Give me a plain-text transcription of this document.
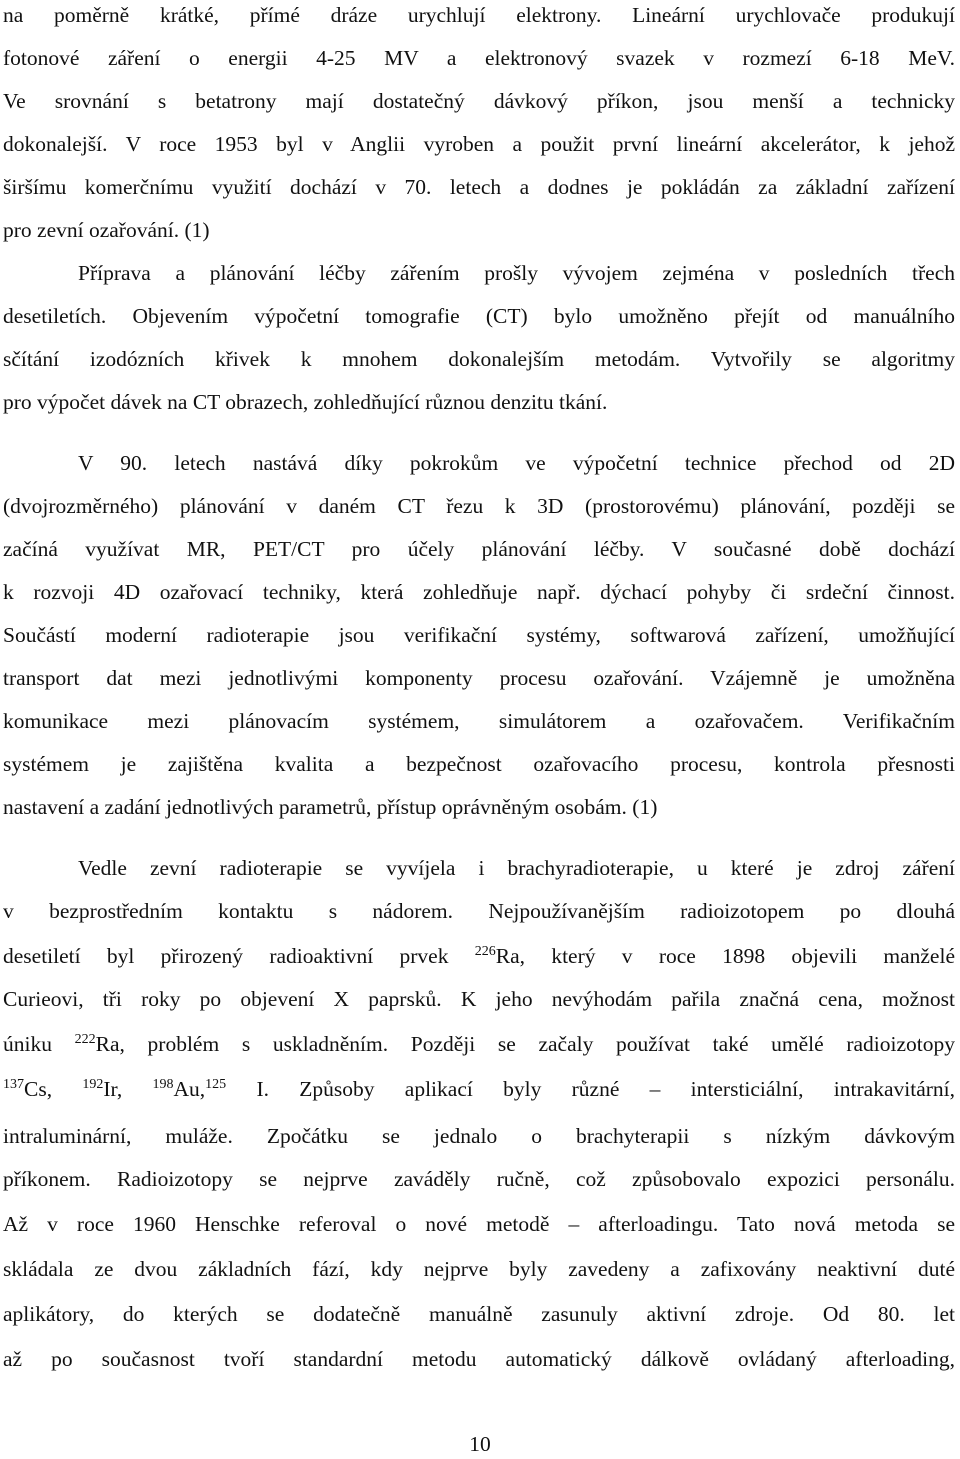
na poměrně krátké, přímé dráze urychlují elektrony. Lineární urychlovače produkují
fotonové záření o energii 4-25 MV a elektronový svazek v rozmezí 6-18 MeV.
Ve srovnání s betatrony mají dostatečný dávkový příkon, jsou menší a technicky
dokonalejší. V roce 1953 byl v Anglii vyroben a použit první lineární akcelerátor, k jehož
širšímu komerčnímu využití dochází v 70. letech a dodnes je pokládán za základní zařízení
pro zevní ozařování. (1)
Příprava a plánování léčby zářením prošly vývojem zejména v posledních třech
desetiletích. Objevením výpočetní tomografie (CT) bylo umožněno přejít od manuálního
sčítání izodózních křivek k mnohem dokonalejším metodám. Vytvořily se algoritmy
pro výpočet dávek na CT obrazech, zohledňující různou denzitu tkání.
V 90. letech nastává díky pokrokům ve výpočetní technice přechod od 2D
(dvojrozměrného) plánování v daném CT řezu k 3D (prostorovému) plánování, později se
začíná využívat MR, PET/CT pro účely plánování léčby. V současné době dochází
k rozvoji 4D ozařovací techniky, která zohledňuje např. dýchací pohyby či srdeční činnost.
Součástí moderní radioterapie jsou verifikační systémy, softwarová zařízení, umožňující
transport dat mezi jednotlivými komponenty procesu ozařování. Vzájemně je umožněna
komunikace mezi plánovacím systémem, simulátorem a ozařovačem. Verifikačním
systémem je zajištěna kvalita a bezpečnost ozařovacího procesu, kontrola přesnosti
nastavení a zadání jednotlivých parametrů, přístup oprávněným osobám. (1)
Vedle zevní radioterapie se vyvíjela i brachyradioterapie, u které je zdroj záření
v bezprostředním kontaktu s nádorem. Nejpoužívanějším radioizotopem po dlouhá
desetiletí byl přirozený radioaktivní prvek $^{226}$Ra, který v roce 1898 objevili manželé
Curieovi, tři roky po objevení X paprsků. K jeho nevýhodám pařila značná cena, možnost
úniku $^{222}$Ra, problém s uskladněním. Později se začaly používat také umělé radioizotopy
$^{137}$Cs, $^{192}$Ir, $^{198}$Au,$^{125}$ I. Způsoby aplikací byly různé – intersticiální, intrakavitární,
intraluminární, muláže. Zpočátku se jednalo o brachyterapii s nízkým dávkovým
příkonem. Radioizotopy se nejprve zaváděly ručně, což způsobovalo expozici personálu.
Až v roce 1960 Henschke referoval o nové metodě – afterloadingu. Tato nová metoda se
skládala ze dvou základních fází, kdy nejprve byly zavedeny a zafixovány neaktivní duté
aplikátory, do kterých se dodatečně manuálně zasunuly aktivní zdroje. Od 80. let
až po současnost tvoří standardní metodu automatický dálkově ovládaný afterloading,
10
